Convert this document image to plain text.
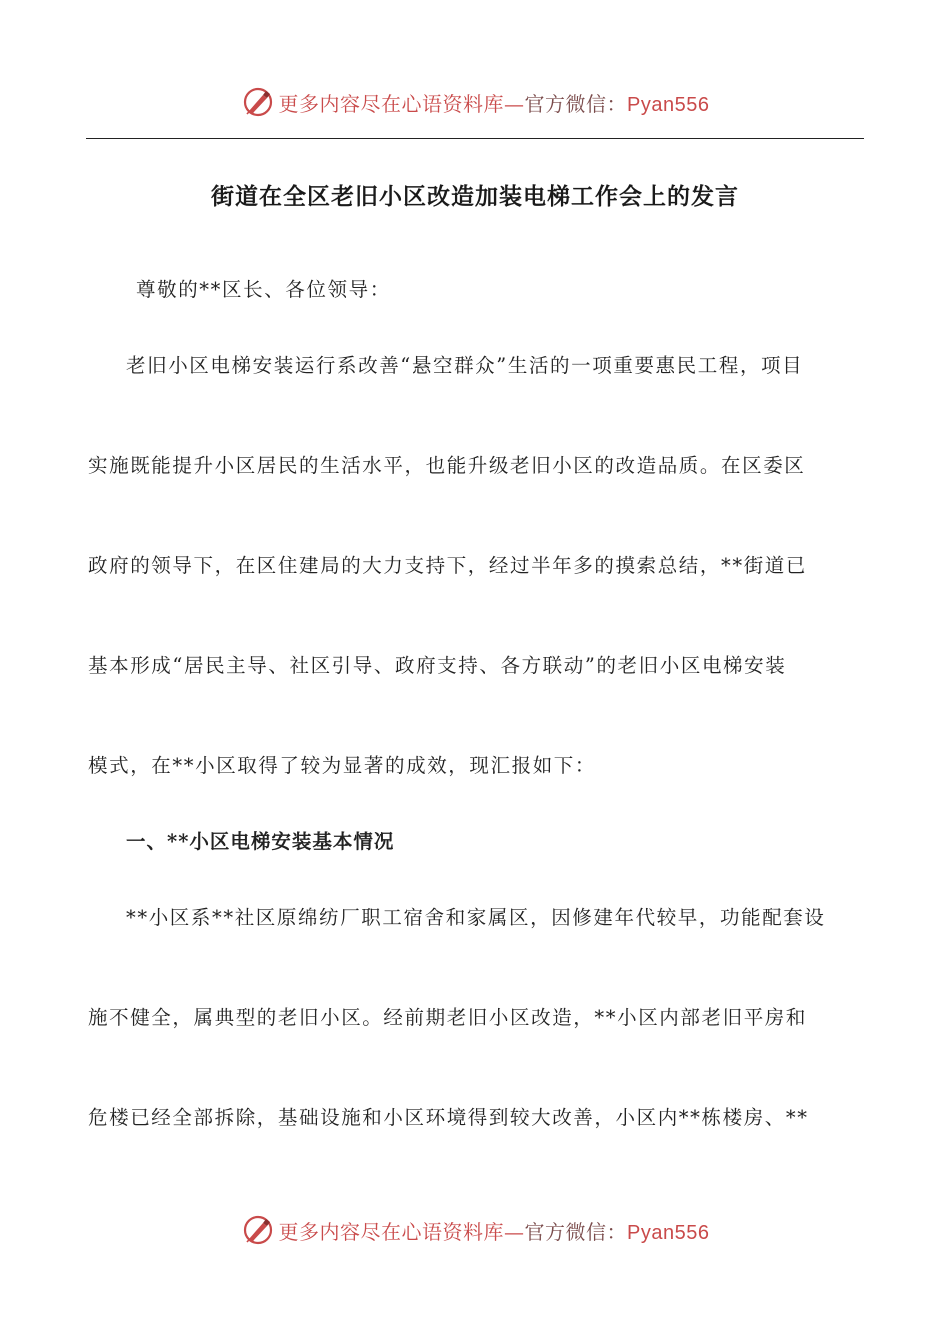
更多内容尽在心语资料库—官方微信：Pyan556
街道在全区老旧小区改造加装电梯工作会上的发言
尊敬的**区长、各位领导：
老旧小区电梯安装运行系改善“悬空群众”生活的一项重要惠民工程，项目
实施既能提升小区居民的生活水平，也能升级老旧小区的改造品质。在区委区
政府的领导下，在区住建局的大力支持下，经过半年多的摸索总结，**街道已
基本形成“居民主导、社区引导、政府支持、各方联动”的老旧小区电梯安装
模式，在**小区取得了较为显著的成效，现汇报如下：
一、**小区电梯安装基本情况
**小区系**社区原绵纺厂职工宿舍和家属区，因修建年代较早，功能配套设
施不健全，属典型的老旧小区。经前期老旧小区改造，**小区内部老旧平房和
危楼已经全部拆除，基础设施和小区环境得到较大改善，小区内**栋楼房、**
更多内容尽在心语资料库—官方微信：Pyan556
